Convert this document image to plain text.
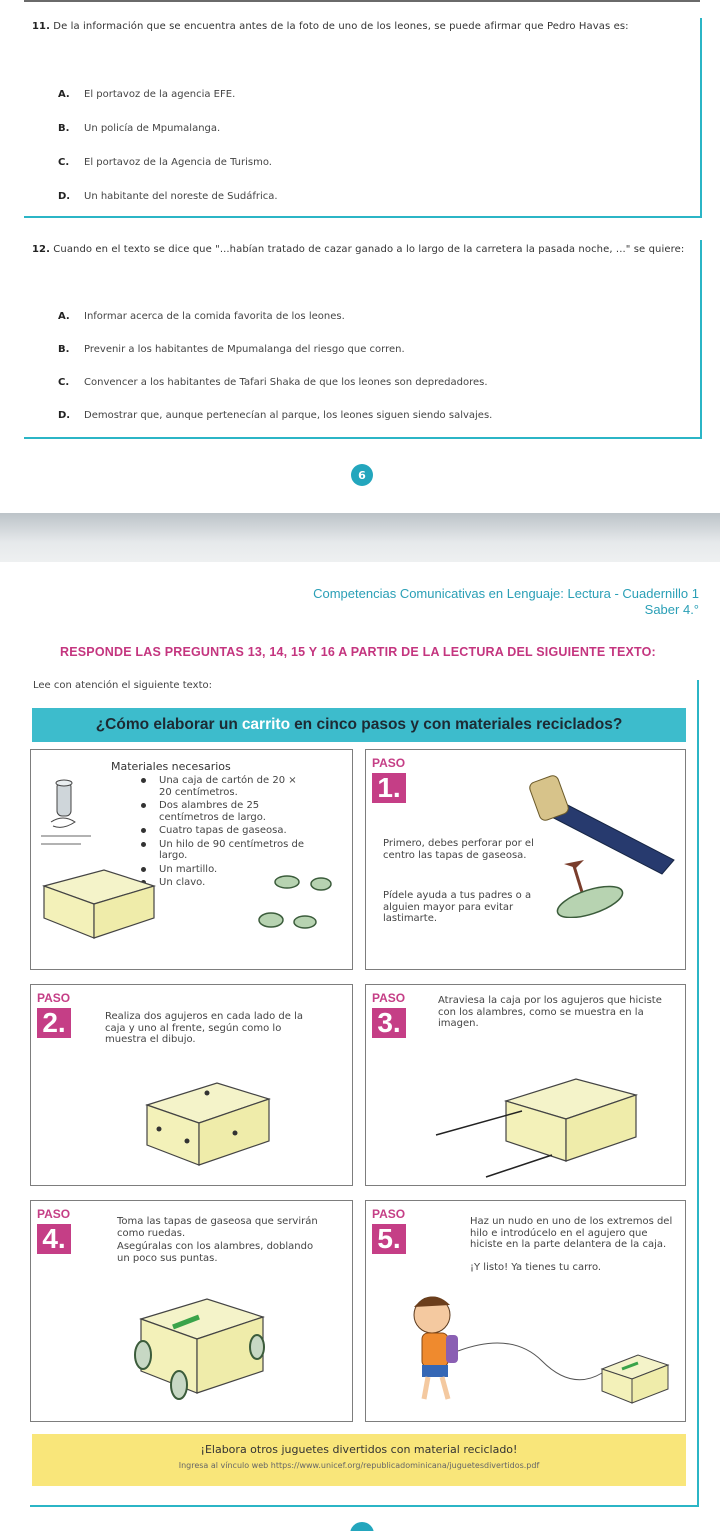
11. De la información que se encuentra antes de la foto de uno de los leones, se puede afirmar que Pedro Havas es:
A.	El portavoz de la agencia EFE.
B.	Un policía de Mpumalanga.
C.	El portavoz de la Agencia de Turismo.
D.	Un habitante del noreste de Sudáfrica.
12. Cuando en el texto se dice que "...habían tratado de cazar ganado a lo largo de la carretera la pasada noche, ..." se quiere:
A.	Informar acerca de la comida favorita de los leones.
B.	Prevenir a los habitantes de Mpumalanga del riesgo que corren.
C.	Convencer a los habitantes de Tafari Shaka de que los leones son depredadores.
D.	Demostrar que, aunque pertenecían al parque, los leones siguen siendo salvajes.
6
Competencias Comunicativas en Lenguaje: Lectura - Cuadernillo 1
Saber 4.°
RESPONDE LAS PREGUNTAS 13, 14, 15 Y 16 A PARTIR DE LA LECTURA DEL SIGUIENTE TEXTO:
Lee con atención el siguiente texto:
¿Cómo elaborar un carrito en cinco pasos y con materiales reciclados?
Materiales necesarios
Una caja de cartón de 20 × 20 centímetros.
Dos alambres de 25 centímetros de largo.
Cuatro tapas de gaseosa.
Un hilo de 90 centímetros de largo.
Un martillo.
Un clavo.
PASO
1.
Primero, debes perforar por el centro las tapas de gaseosa.
Pídele ayuda a tus padres o a alguien mayor para evitar lastimarte.
PASO
2.	Realiza dos agujeros en cada lado de la caja y uno al frente, según como lo muestra el dibujo.
PASO
3.
Atraviesa la caja por los agujeros que hiciste con los alambres, como se muestra en la imagen.
PASO
4.
Toma las tapas de gaseosa que servirán como ruedas.
Asegúralas con los alambres, doblando un poco sus puntas.
PASO
5.
Haz un nudo en uno de los extremos del hilo e introdúcelo en el agujero que hiciste en la parte delantera de la caja.
¡Y listo! Ya tienes tu carro.
¡Elabora otros juguetes divertidos con material reciclado!
Ingresa al vínculo web https://www.unicef.org/republicadominicana/juguetesdivertidos.pdf
